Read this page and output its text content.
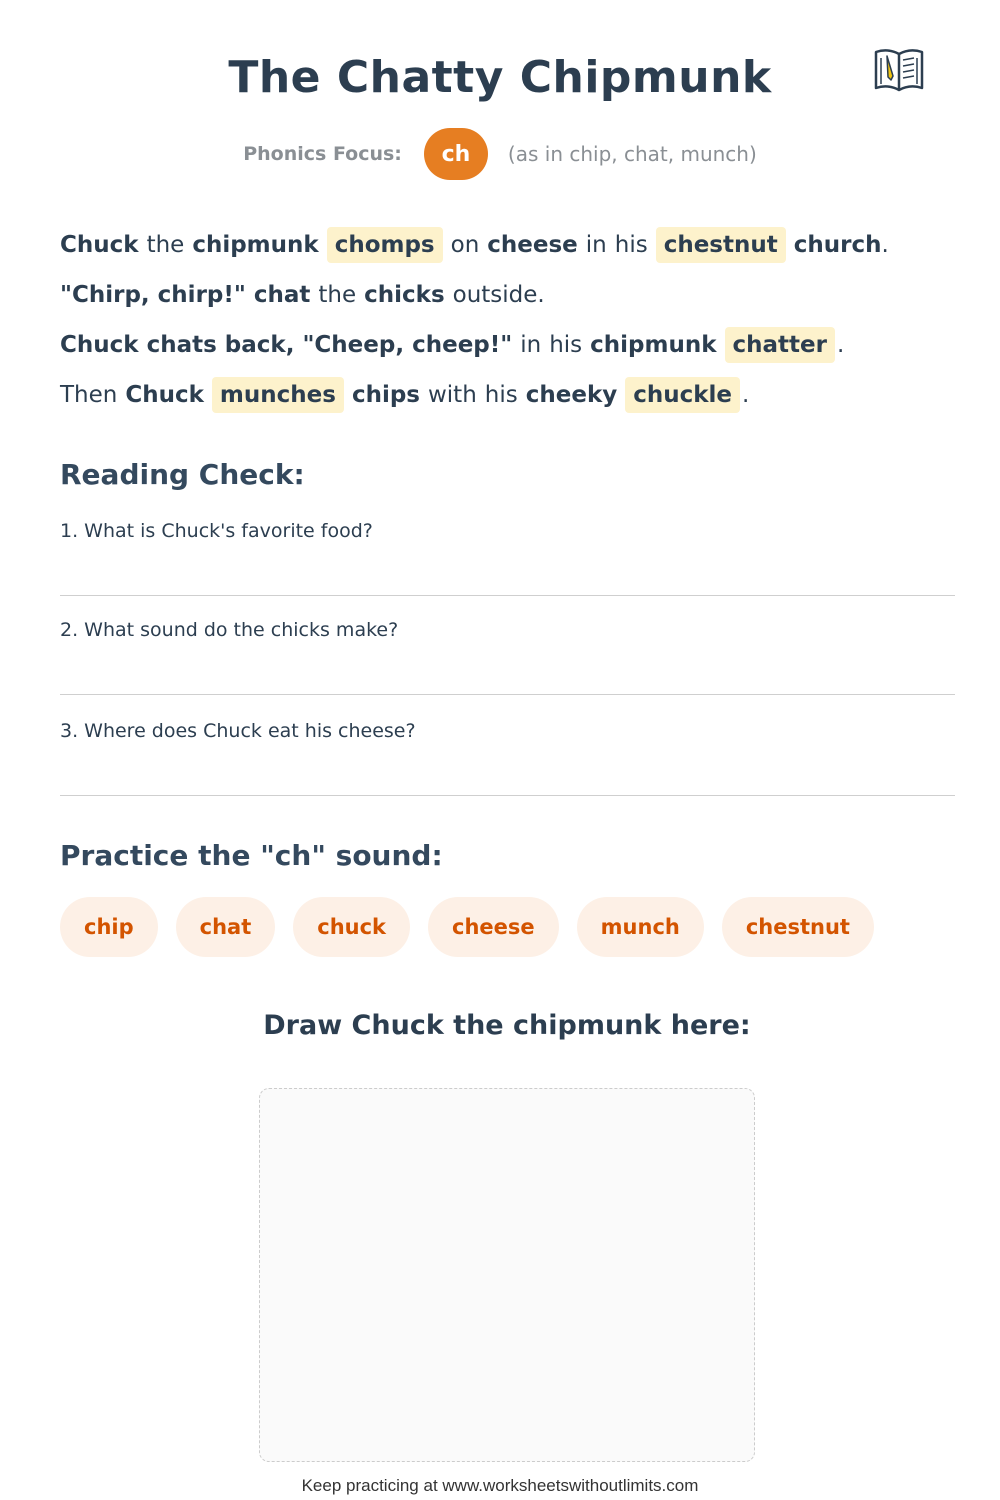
The Chatty Chipmunk
Phonics Focus:	ch	(as in chip, chat, munch)
Chuck the chipmunk chomps on cheese in his chestnut church .
"Chirp, chirp!" chat the chicks outside.
Chuck chats back, "Cheep, cheep!" in his chipmunk chatter .
Then Chuck munches chips with his cheeky chuckle .
Reading Check:
1. What is Chuck's favorite food?
2. What sound do the chicks make?
3. Where does Chuck eat his cheese?
Practice the "ch" sound:
chip	chat	chuck	cheese	munch	chestnut
Draw Chuck the chipmunk here:
Keep practicing at www.worksheetswithoutlimits.com
